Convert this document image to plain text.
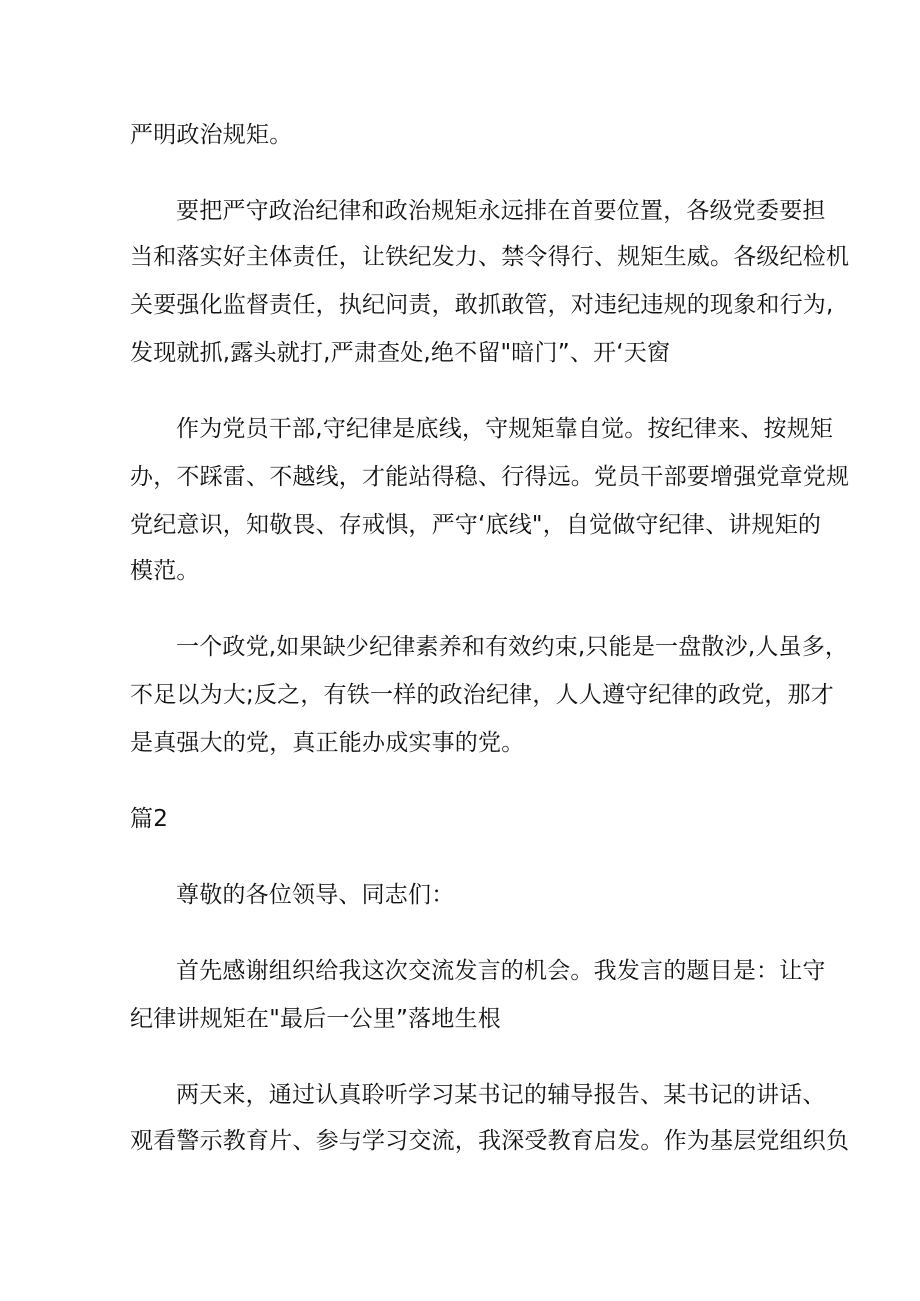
严明政治规矩。
要把严守政治纪律和政治规矩永远排在首要位置，各级党委要担
当和落实好主体责任，让铁纪发力、禁令得行、规矩生威。各级纪检机
关要强化监督责任，执纪问责，敢抓敢管，对违纪违规的现象和行为,
发现就抓,露头就打,严肃查处,绝不留"暗门”、开‘天窗
作为党员干部,守纪律是底线，守规矩靠自觉。按纪律来、按规矩
办，不踩雷、不越线，才能站得稳、行得远。党员干部要增强党章党规
党纪意识，知敬畏、存戒惧，严守‘底线"，自觉做守纪律、讲规矩的
模范。
一个政党,如果缺少纪律素养和有效约束,只能是一盘散沙,人虽多，
不足以为大;反之，有铁一样的政治纪律，人人遵守纪律的政党，那才
是真强大的党，真正能办成实事的党。
篇2
尊敬的各位领导、同志们：
首先感谢组织给我这次交流发言的机会。我发言的题目是：让守
纪律讲规矩在"最后一公里”落地生根
两天来，通过认真聆听学习某书记的辅导报告、某书记的讲话、
观看警示教育片、参与学习交流，我深受教育启发。作为基层党组织负
